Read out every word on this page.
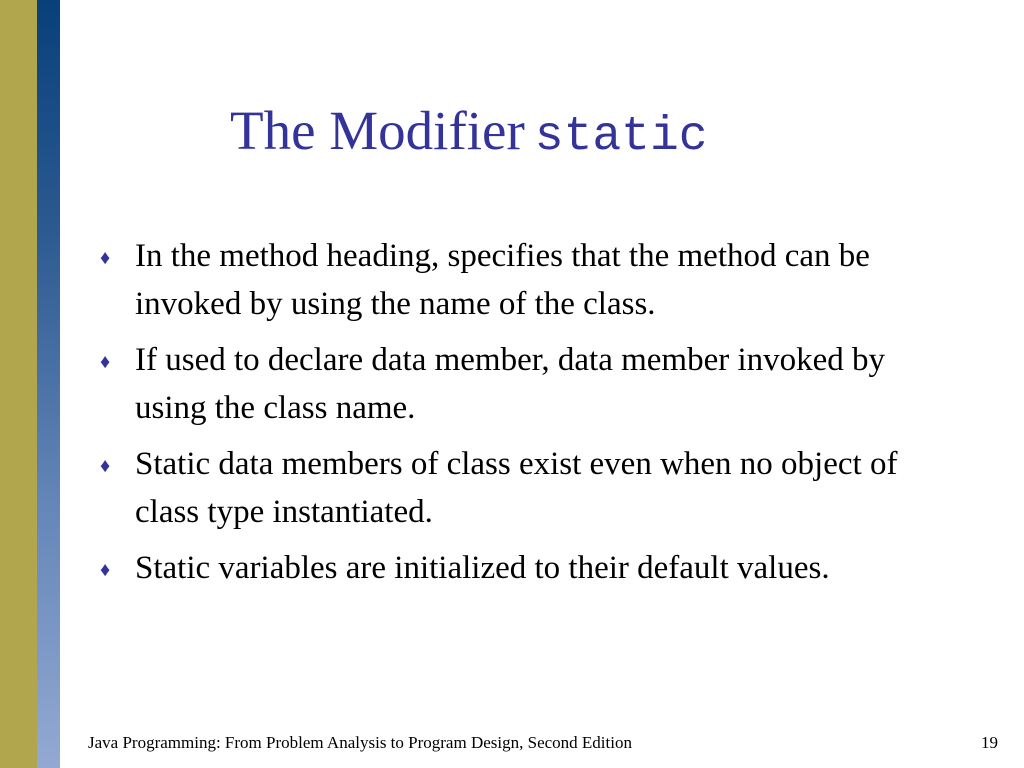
The Modifier static
♦ In the method heading, specifies that the method can be invoked by using the name of the class.
♦ If used to declare data member, data member invoked by using the class name.
♦ Static data members of class exist even when no object of class type instantiated.
♦ Static variables are initialized to their default values.
Java Programming: From Problem Analysis to Program Design, Second Edition	19
